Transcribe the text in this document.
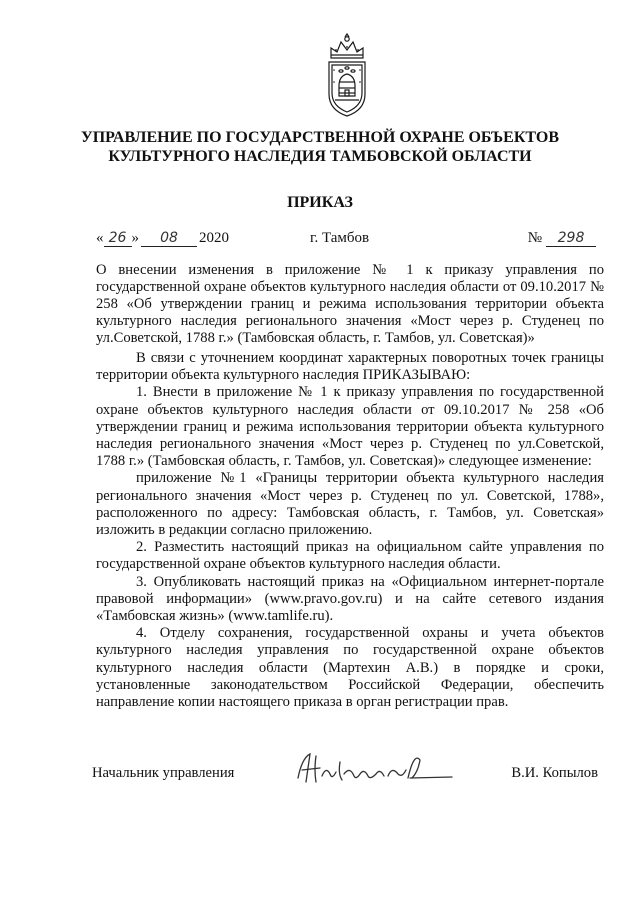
УПРАВЛЕНИЕ ПО ГОСУДАРСТВЕННОЙ ОХРАНЕ ОБЪЕКТОВ
КУЛЬТУРНОГО НАСЛЕДИЯ ТАМБОВСКОЙ ОБЛАСТИ
ПРИКАЗ
« 26 » 08 2020	г. Тамбов	№ 298
О внесении изменения в приложение № 1 к приказу управления по государственной охране объектов культурного наследия области от 09.10.2017 № 258 «Об утверждении границ и режима использования территории объекта культурного наследия регионального значения «Мост через р. Студенец по ул.Советской, 1788 г.» (Тамбовская область, г. Тамбов, ул. Советская)»

В связи с уточнением координат характерных поворотных точек границы территории объекта культурного наследия ПРИКАЗЫВАЮ:

1. Внести в приложение № 1 к приказу управления по государственной охране объектов культурного наследия области от 09.10.2017 № 258 «Об утверждении границ и режима использования территории объекта культурного наследия регионального значения «Мост через р. Студенец по ул.Советской, 1788 г.» (Тамбовская область, г. Тамбов, ул. Советская)» следующее изменение:

приложение №1 «Границы территории объекта культурного наследия регионального значения «Мост через р. Студенец по ул. Советской, 1788», расположенного по адресу: Тамбовская область, г. Тамбов, ул. Советская» изложить в редакции согласно приложению.

2. Разместить настоящий приказ на официальном сайте управления по государственной охране объектов культурного наследия области.

3. Опубликовать настоящий приказ на «Официальном интернет-портале правовой информации» (www.pravo.gov.ru) и на сайте сетевого издания «Тамбовская жизнь» (www.tamlife.ru).

4. Отделу сохранения, государственной охраны и учета объектов культурного наследия управления по государственной охране объектов культурного наследия области (Мартехин А.В.) в порядке и сроки, установленные законодательством Российской Федерации, обеспечить направление копии настоящего приказа в орган регистрации прав.

Начальник управления	В.И. Копылов
